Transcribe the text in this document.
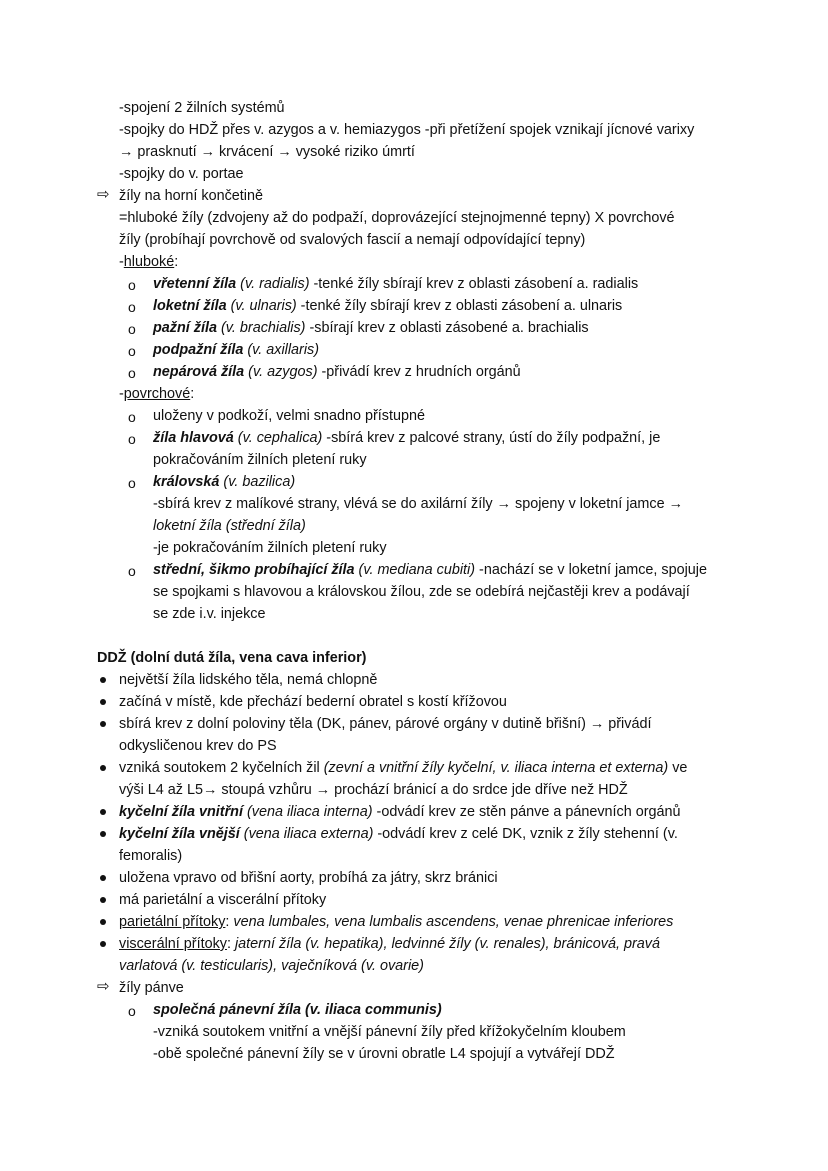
-spojení 2 žilních systémů
-spojky do HDŽ přes v. azygos a v. hemiazygos -při přetížení spojek vznikají jícnové varixy
→ prasknutí → krvácení → vysoké riziko úmrtí
-spojky do v. portae
⇨ žíly na horní končetině
=hluboké žíly (zdvojeny až do podpaží, doprovázející stejnojmenné tepny) X povrchové
žíly (probíhají povrchově od svalových fascií a nemají odpovídající tepny)
-hluboké:
o vřetenní žíla (v. radialis) -tenké žíly sbírají krev z oblasti zásobení a. radialis
o loketní žíla (v. ulnaris) -tenké žíly sbírají krev z oblasti zásobení a. ulnaris
o pažní žíla (v. brachialis) -sbírají krev z oblasti zásobené a. brachialis
o podpažní žíla (v. axillaris)
o nepárová žíla (v. azygos) -přivádí krev z hrudních orgánů
-povrchové:
o uloženy v podkoží, velmi snadno přístupné
o žíla hlavová (v. cephalica) -sbírá krev z palcové strany, ústí do žíly podpažní, je
pokračováním žilních pletení ruky
o královská (v. bazilica)
-sbírá krev z malíkové strany, vlévá se do axilární žíly → spojeny v loketní jamce →
loketní žíla (střední žíla)
-je pokračováním žilních pletení ruky
o střední, šikmo probíhající žíla (v. mediana cubiti) -nachází se v loketní jamce, spojuje
se spojkami s hlavovou a královskou žílou, zde se odebírá nejčastěji krev a podávají
se zde i.v. injekce
DDŽ (dolní dutá žíla, vena cava inferior)
největší žíla lidského těla, nemá chlopně
začíná v místě, kde přechází bederní obratel s kostí křížovou
sbírá krev z dolní poloviny těla (DK, pánev, párové orgány v dutině břišní) → přivádí
odkysličenou krev do PS
vzniká soutokem 2 kyčelních žil (zevní a vnitřní žíly kyčelní, v. iliaca interna et externa) ve
výši L4 až L5→ stoupá vzhůru → prochází bránicí a do srdce jde dříve než HDŽ
kyčelní žíla vnitřní (vena iliaca interna) -odvádí krev ze stěn pánve a pánevních orgánů
kyčelní žíla vnější (vena iliaca externa) -odvádí krev z celé DK, vznik z žíly stehenní (v.
femoralis)
uložena vpravo od břišní aorty, probíhá za játry, skrz bránici
má parietální a viscerální přítoky
parietální přítoky: vena lumbales, vena lumbalis ascendens, venae phrenicae inferiores
viscerální přítoky: jaterní žíla (v. hepatika), ledvinné žíly (v. renales), bránicová, pravá
varlatová (v. testicularis), vaječníková (v. ovarie)
⇨ žíly pánve
o společná pánevní žíla (v. iliaca communis)
-vzniká soutokem vnitřní a vnější pánevní žíly před křížokyčelním kloubem
-obě společné pánevní žíly se v úrovni obratle L4 spojují a vytvářejí DDŽ
